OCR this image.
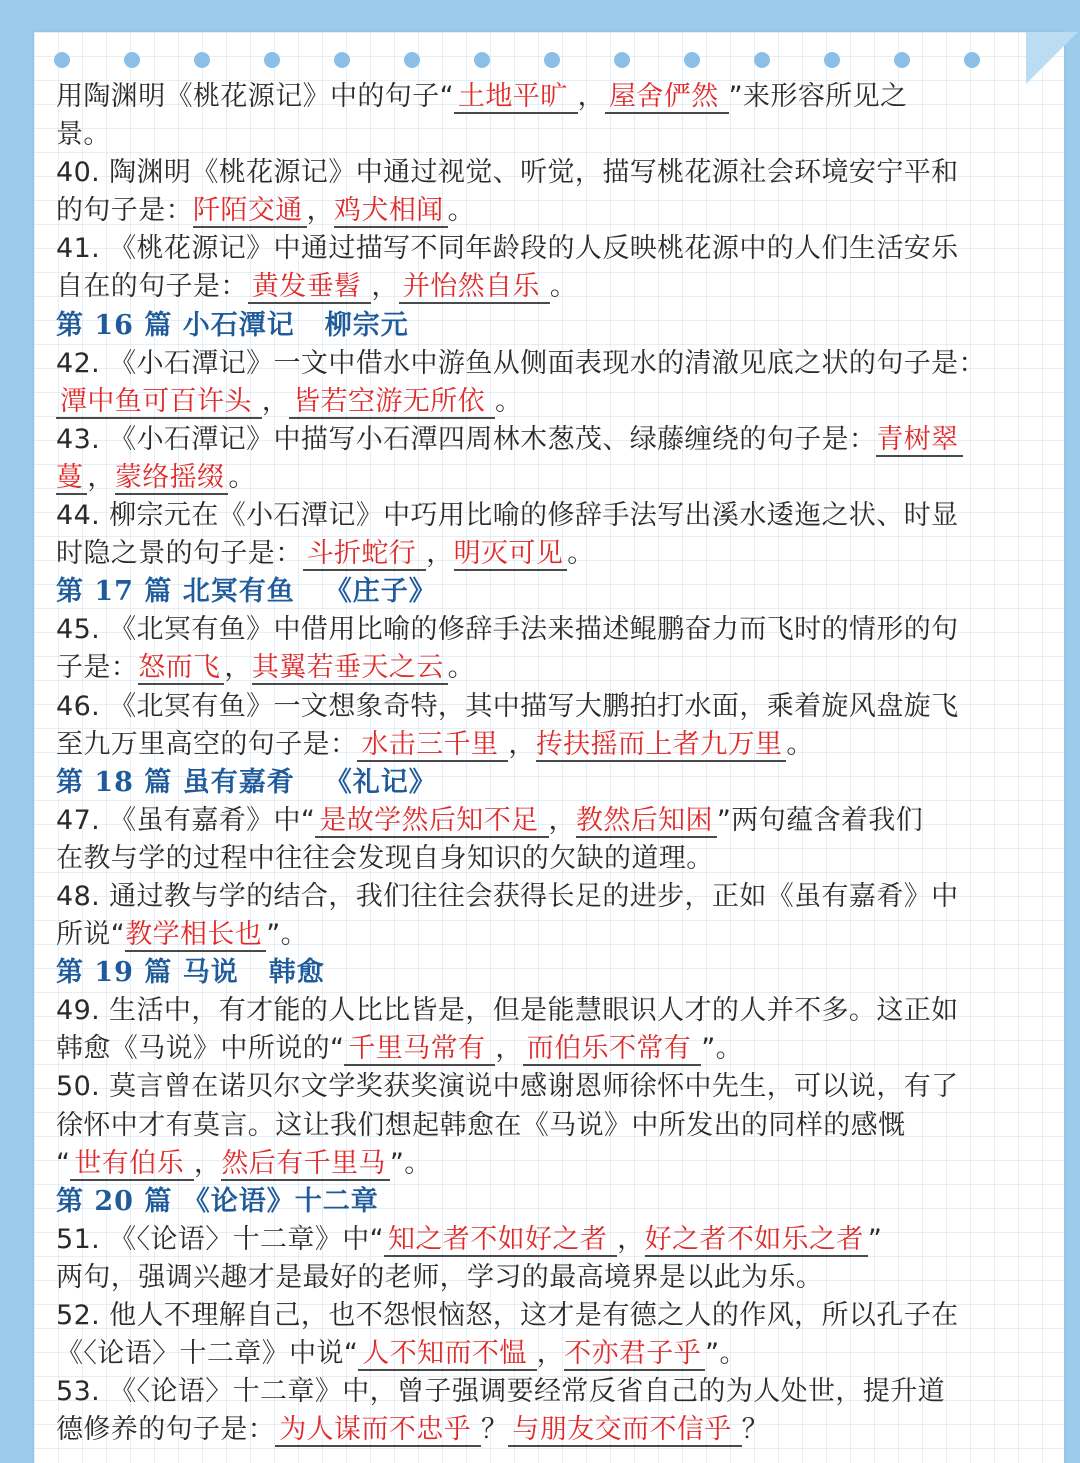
用陶渊明《桃花源记》中的句子“ 土地平旷 ， 屋舍俨然 ”来形容所见之
景。
40. 陶渊明《桃花源记》中通过视觉、听觉，描写桃花源社会环境安宁平和
的句子是：阡陌交通 ，鸡犬相闻 。
41. 《桃花源记》中通过描写不同年龄段的人反映桃花源中的人们生活安乐
自在的句子是： 黄发垂髫 ， 并怡然自乐 。
第 16 篇 小石潭记 柳宗元
42. 《小石潭记》一文中借水中游鱼从侧面表现水的清澈见底之状的句子是：
潭中鱼可百许头 ， 皆若空游无所依 。
43. 《小石潭记》中描写小石潭四周林木葱茂、绿藤缠绕的句子是：青树翠
蔓 ，蒙络摇缀 。
44. 柳宗元在《小石潭记》中巧用比喻的修辞手法写出溪水逶迤之状、时显
时隐之景的句子是： 斗折蛇行 ，明灭可见 。
第 17 篇 北冥有鱼 《庄子》
45. 《北冥有鱼》中借用比喻的修辞手法来描述鲲鹏奋力而飞时的情形的句
子是：怒而飞 ，其翼若垂天之云 。
46. 《北冥有鱼》一文想象奇特，其中描写大鹏拍打水面，乘着旋风盘旋飞
至九万里高空的句子是： 水击三千里 ，抟扶摇而上者九万里 。
第 18 篇 虽有嘉肴 《礼记》
47. 《虽有嘉肴》中“ 是故学然后知不足 ，教然后知困 ”两句蕴含着我们
在教与学的过程中往往会发现自身知识的欠缺的道理。
48. 通过教与学的结合，我们往往会获得长足的进步，正如《虽有嘉肴》中
所说“教学相长也 ”。
第 19 篇 马说 韩愈
49. 生活中，有才能的人比比皆是，但是能慧眼识人才的人并不多。这正如
韩愈《马说》中所说的“ 千里马常有 ， 而伯乐不常有 ”。
50. 莫言曾在诺贝尔文学奖获奖演说中感谢恩师徐怀中先生，可以说，有了
徐怀中才有莫言。这让我们想起韩愈在《马说》中所发出的同样的感慨
“ 世有伯乐 ，然后有千里马 ”。
第 20 篇 《论语》十二章
51. 《〈论语〉十二章》中“ 知之者不如好之者 ，好之者不如乐之者 ”
两句，强调兴趣才是最好的老师，学习的最高境界是以此为乐。
52. 他人不理解自己，也不怨恨恼怒，这才是有德之人的作风，所以孔子在
《〈论语〉十二章》中说“ 人不知而不愠 ，不亦君子乎 ”。
53. 《〈论语〉十二章》中，曾子强调要经常反省自己的为人处世，提升道
德修养的句子是： 为人谋而不忠乎 ？ 与朋友交而不信乎 ？
